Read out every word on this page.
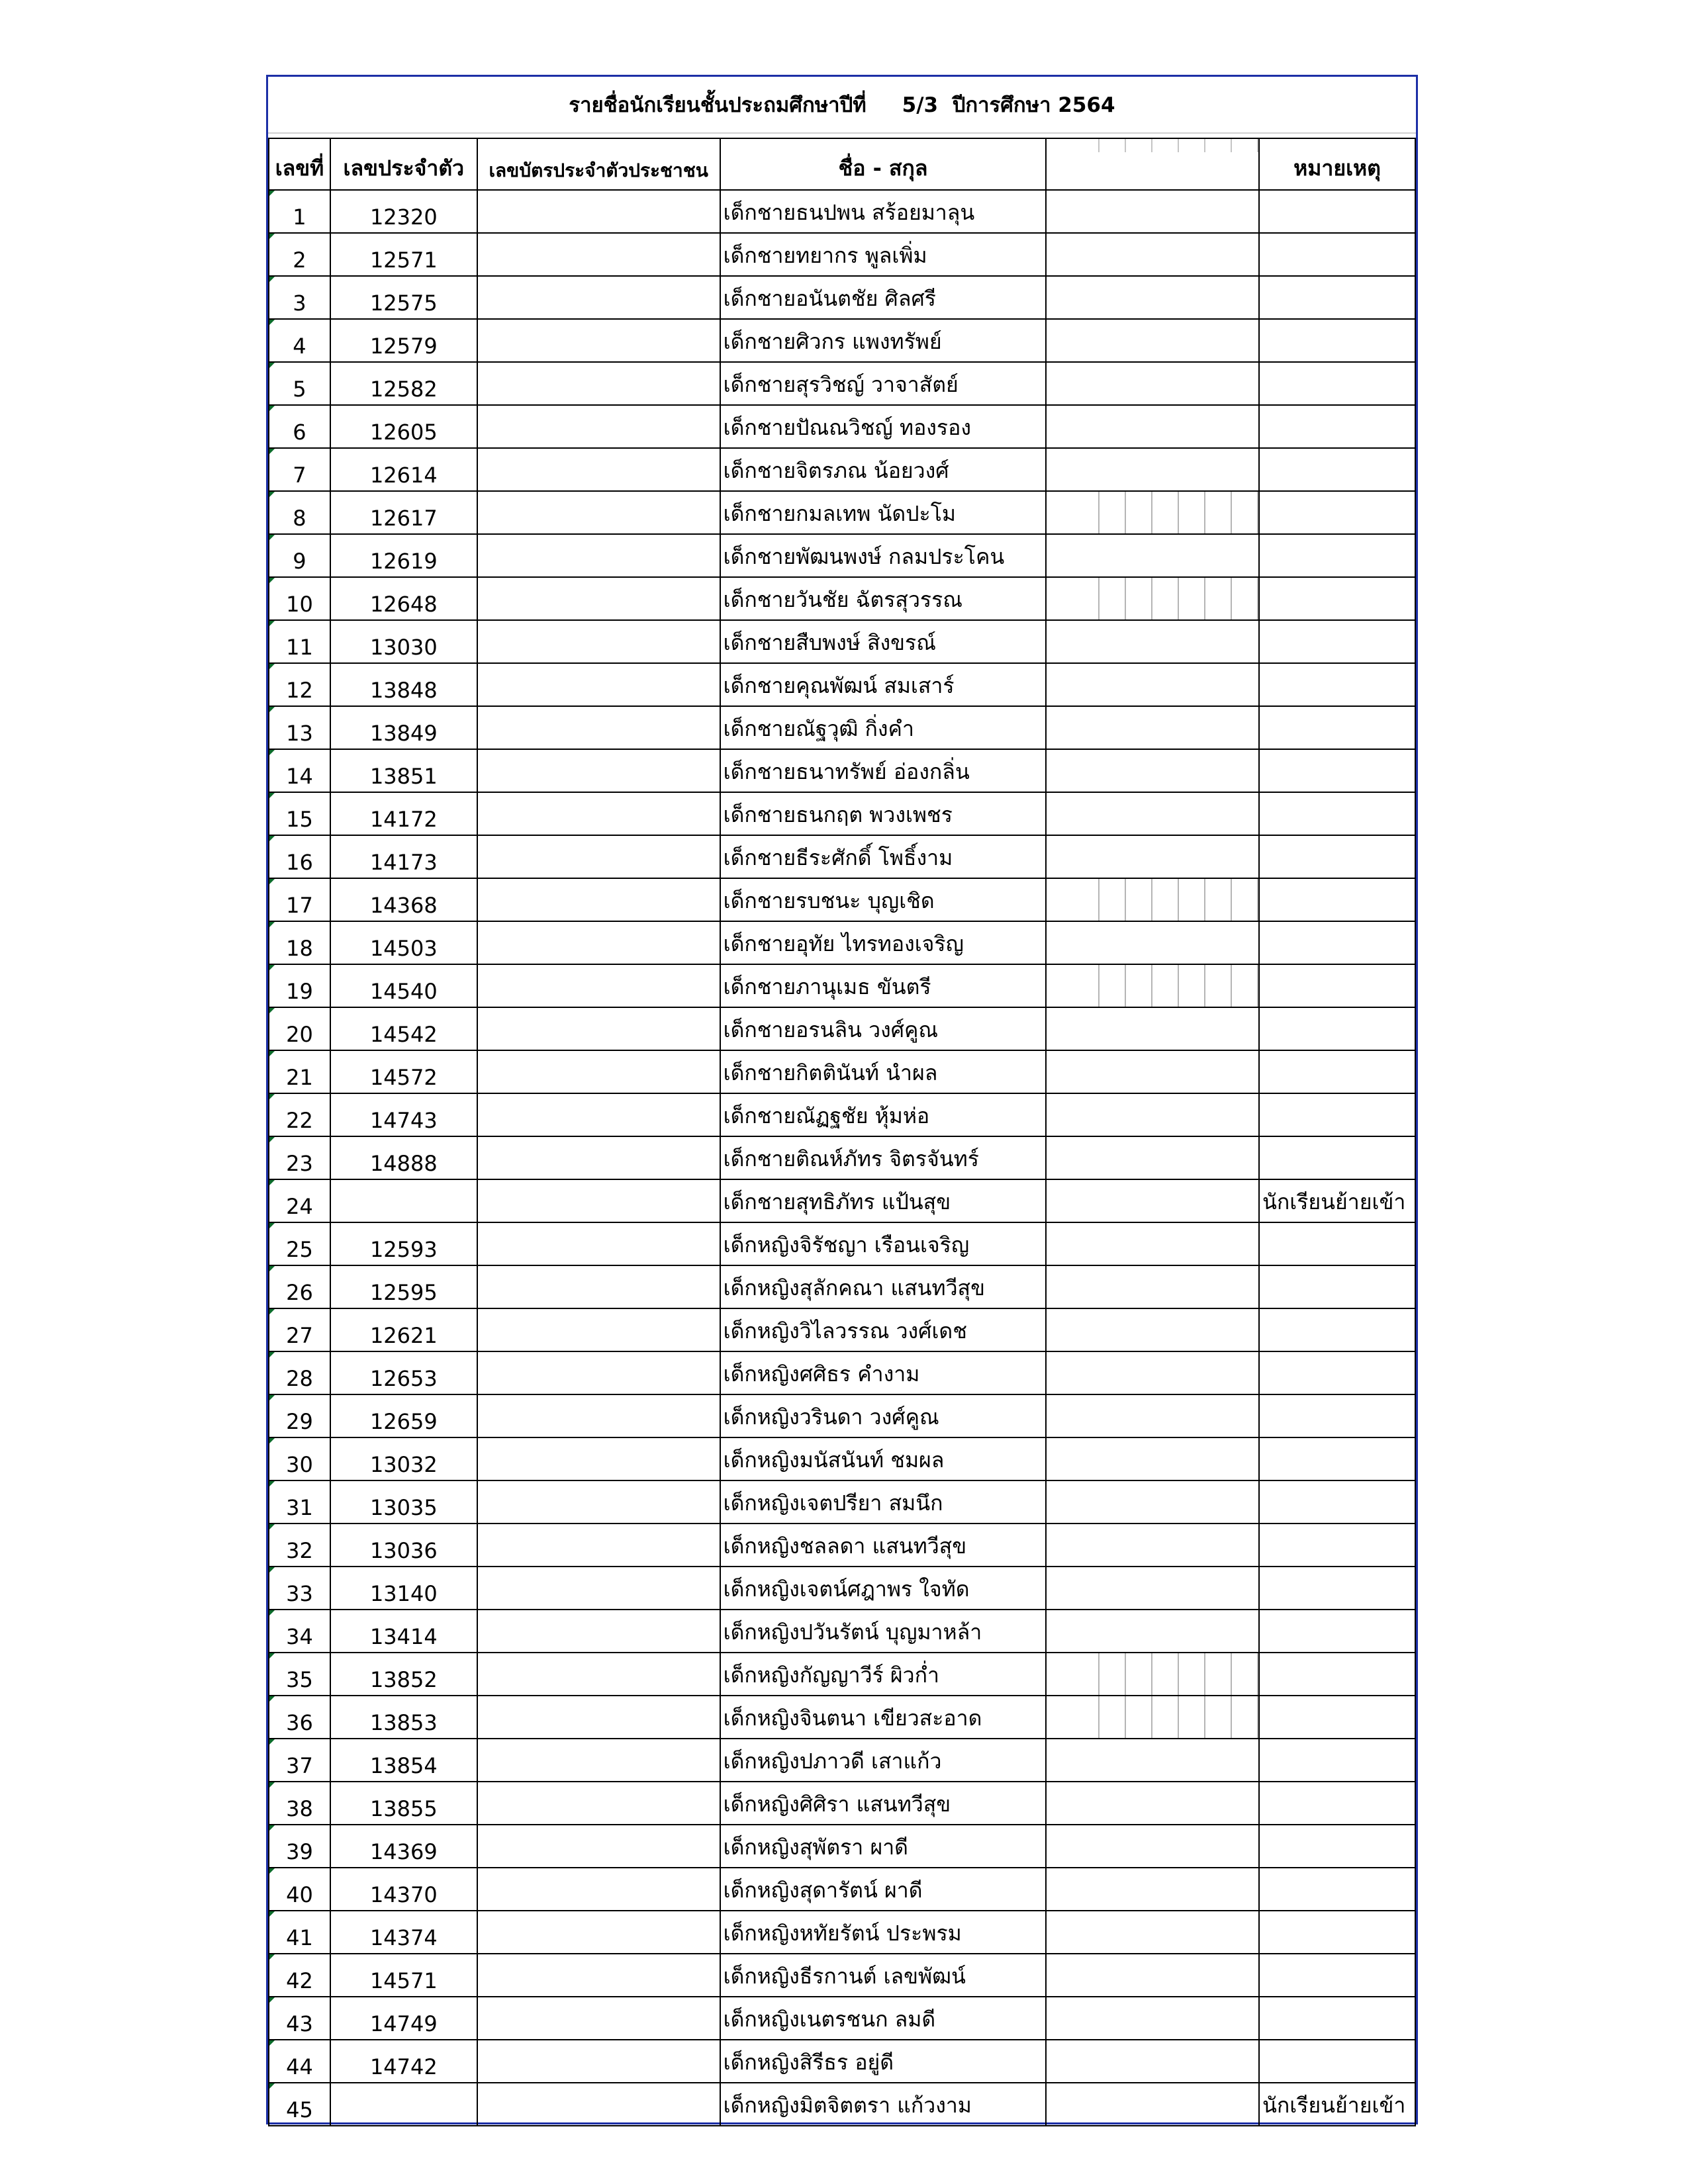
รายชื่อนักเรียนชั้นประถมศึกษาปีที่     5/3  ปีการศึกษา 2564
เลขที่	เลขประจำตัว	เลขบัตรประจำตัวประชาชน	ชื่อ - สกุล		หมายเหตุ
1	12320		เด็กชายธนปพน สร้อยมาลุน		
2	12571		เด็กชายทยากร พูลเพิ่ม		
3	12575		เด็กชายอนันตชัย ศิลศรี		
4	12579		เด็กชายศิวกร แพงทรัพย์		
5	12582		เด็กชายสุรวิชญ์ วาจาสัตย์		
6	12605		เด็กชายปัณณวิชญ์ ทองรอง		
7	12614		เด็กชายจิตรภณ น้อยวงศ์		
8	12617		เด็กชายกมลเทพ นัดปะโม		
9	12619		เด็กชายพัฒนพงษ์ กลมประโคน		
10	12648		เด็กชายวันชัย ฉัตรสุวรรณ		
11	13030		เด็กชายสืบพงษ์ สิงขรณ์		
12	13848		เด็กชายคุณพัฒน์ สมเสาร์		
13	13849		เด็กชายณัฐวุฒิ กิ่งคำ		
14	13851		เด็กชายธนาทรัพย์ อ่องกลิ่น		
15	14172		เด็กชายธนกฤต พวงเพชร		
16	14173		เด็กชายธีระศักดิ์ โพธิ์งาม		
17	14368		เด็กชายรบชนะ บุญเชิด		
18	14503		เด็กชายอุทัย ไทรทองเจริญ		
19	14540		เด็กชายภานุเมธ ขันตรี		
20	14542		เด็กชายอรนลิน วงศ์คูณ		
21	14572		เด็กชายกิตตินันท์ นำผล		
22	14743		เด็กชายณัฏฐชัย หุ้มห่อ		
23	14888		เด็กชายติณห์ภัทร จิตรจันทร์		
24			เด็กชายสุทธิภัทร แป้นสุข		นักเรียนย้ายเข้า
25	12593		เด็กหญิงจิรัชญา เรือนเจริญ		
26	12595		เด็กหญิงสุลักคณา แสนทวีสุข		
27	12621		เด็กหญิงวิไลวรรณ วงศ์เดช		
28	12653		เด็กหญิงศศิธร คำงาม		
29	12659		เด็กหญิงวรินดา วงศ์คูณ		
30	13032		เด็กหญิงมนัสนันท์ ชมผล		
31	13035		เด็กหญิงเจตปรียา สมนึก		
32	13036		เด็กหญิงชลลดา แสนทวีสุข		
33	13140		เด็กหญิงเจตน์ศฎาพร ใจทัด		
34	13414		เด็กหญิงปวันรัตน์ บุญมาหล้า		
35	13852		เด็กหญิงกัญญาวีร์ ผิวก่ำ		
36	13853		เด็กหญิงจินตนา เขียวสะอาด		
37	13854		เด็กหญิงปภาวดี เสาแก้ว		
38	13855		เด็กหญิงศิศิรา แสนทวีสุข		
39	14369		เด็กหญิงสุพัตรา ผาดี		
40	14370		เด็กหญิงสุดารัตน์ ผาดี		
41	14374		เด็กหญิงหทัยรัตน์ ประพรม		
42	14571		เด็กหญิงธีรกานต์ เลขพัฒน์		
43	14749		เด็กหญิงเนตรชนก ลมดี		
44	14742		เด็กหญิงสิรีธร อยู่ดี		
45			เด็กหญิงมิตจิตตรา แก้วงาม		นักเรียนย้ายเข้า
